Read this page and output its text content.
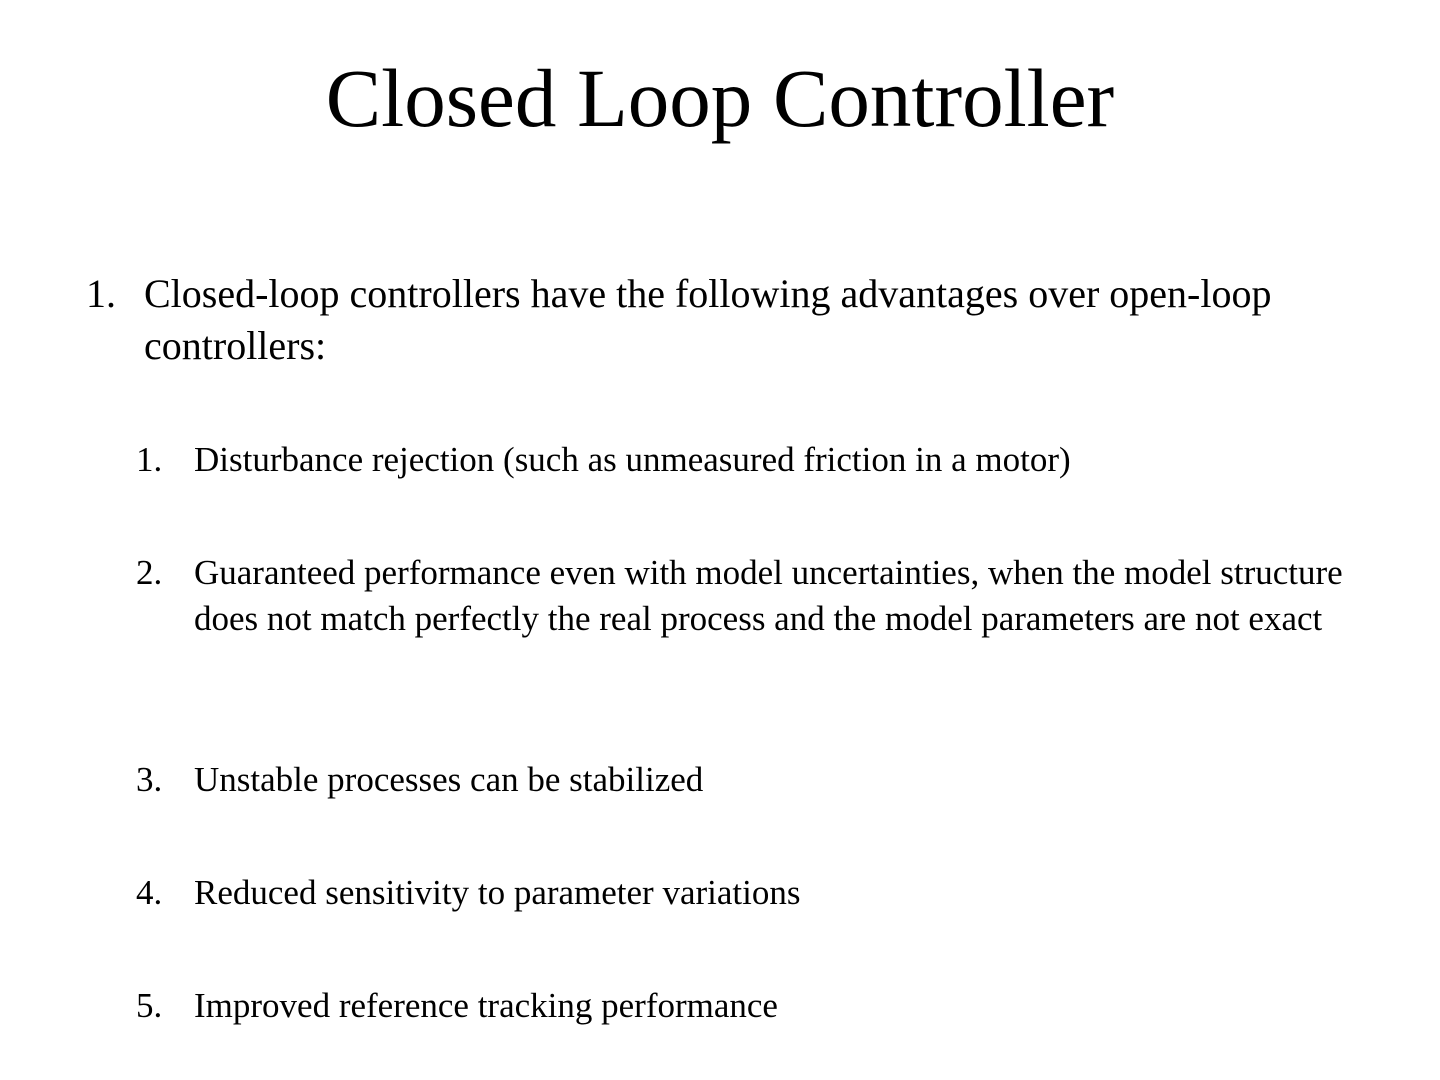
Closed Loop Controller
1. Closed-loop controllers have the following advantages over open-loop controllers:
1. Disturbance rejection (such as unmeasured friction in a motor)
2. Guaranteed performance even with model uncertainties, when the model structure does not match perfectly the real process and the model parameters are not exact
3. Unstable processes can be stabilized
4. Reduced sensitivity to parameter variations
5. Improved reference tracking performance
